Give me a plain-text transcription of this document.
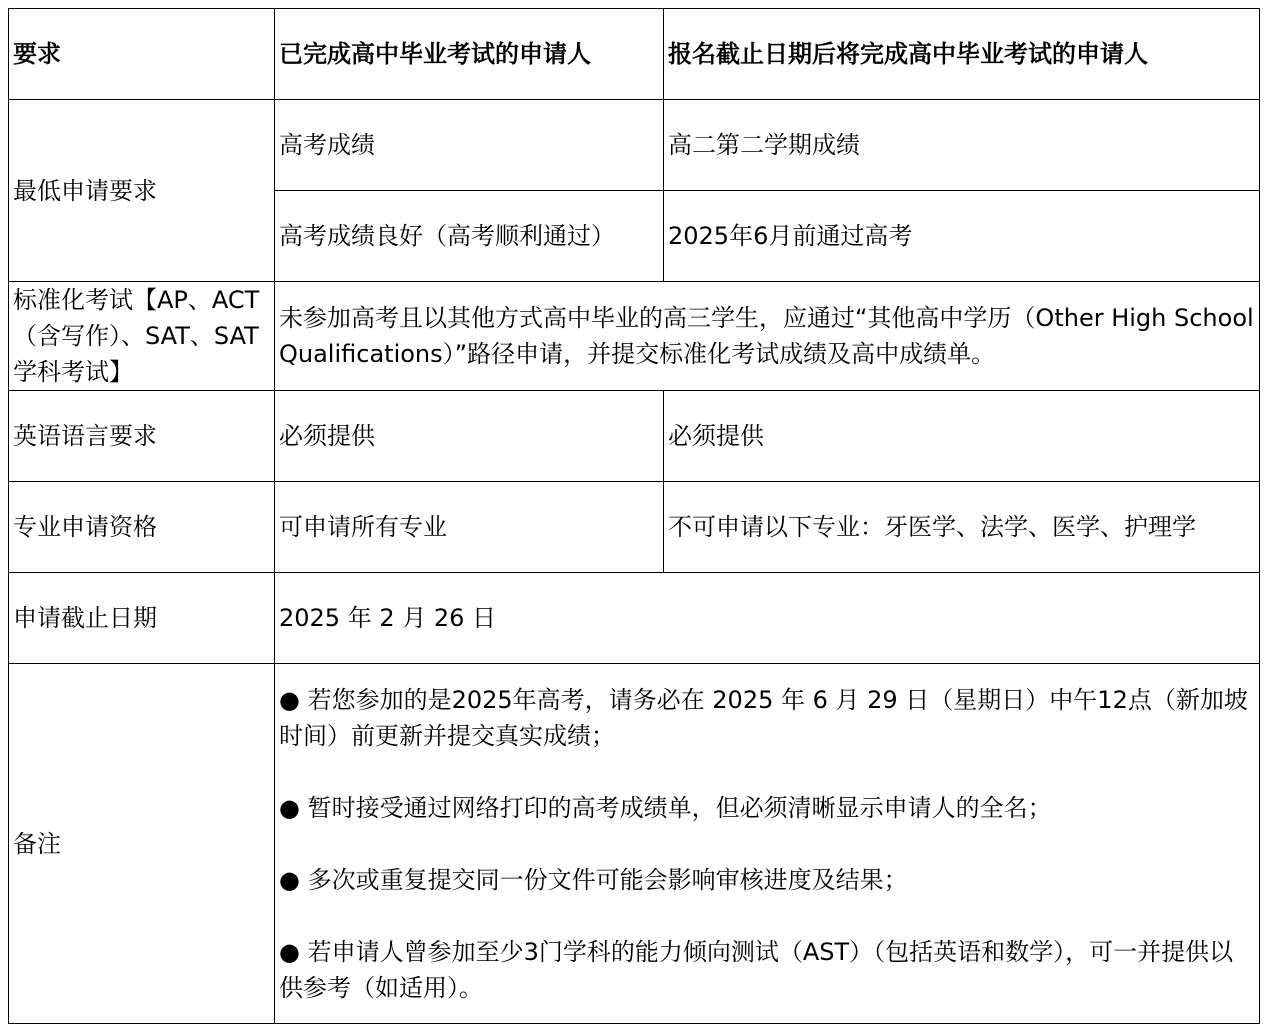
要求	已完成高中毕业考试的申请人	报名截止日期后将完成高中毕业考试的申请人
最低申请要求	高考成绩	高二第二学期成绩
	高考成绩良好（高考顺利通过）	2025年6月前通过高考
标准化考试【AP、ACT（含写作）、SAT、SAT 学科考试】	未参加高考且以其他方式高中毕业的高三学生，应通过“其他高中学历（Other High School Qualifications）”路径申请，并提交标准化考试成绩及高中成绩单。	
英语语言要求	必须提供	必须提供
专业申请资格	可申请所有专业	不可申请以下专业：牙医学、法学、医学、护理学
申请截止日期	2025 年 2 月 26 日	
备注	● 若您参加的是2025年高考，请务必在 2025 年 6 月 29 日（星期日）中午12点（新加坡时间）前更新并提交真实成绩；
● 暂时接受通过网络打印的高考成绩单，但必须清晰显示申请人的全名；
● 多次或重复提交同一份文件可能会影响审核进度及结果；
● 若申请人曾参加至少3门学科的能力倾向测试（AST）（包括英语和数学），可一并提供以供参考（如适用）。	
